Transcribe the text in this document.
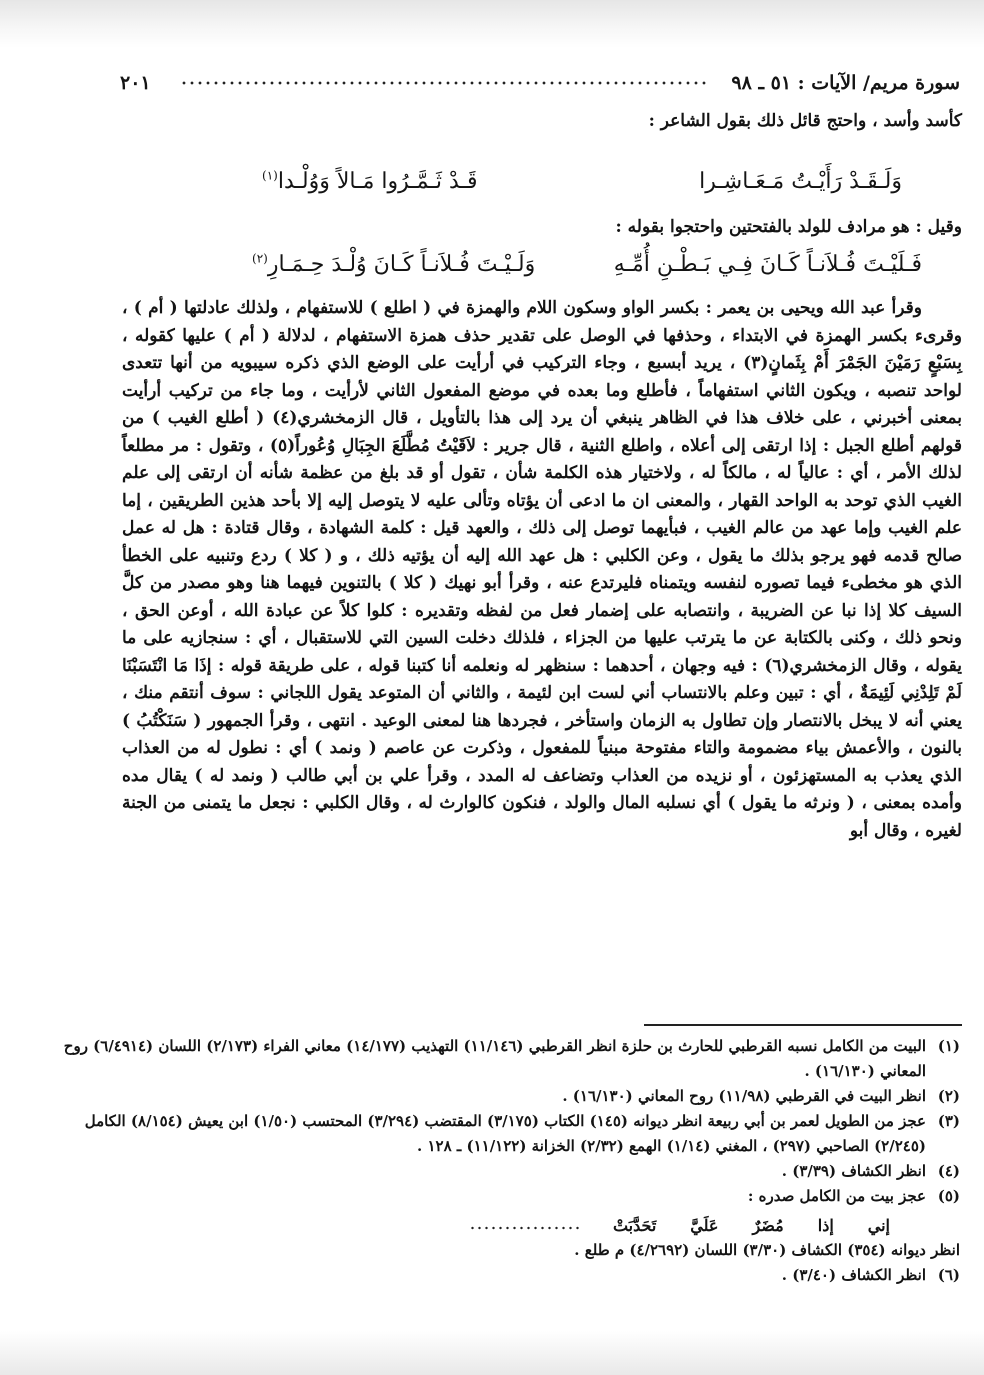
سورة مريم/ الآيات : ٥١ ـ ٩٨
٢٠١

كأسد وأسد ، واحتج قائل ذلك بقول الشاعر :

وَلَـقَـدْ رَأَيْـتُ مَـعَـاشِـرا
قَـدْ ثَـمَّـرُوا مَـالاً وَوُلْـدا$^{(١)}$

وقيل : هو مرادف للولد بالفتحتين واحتجوا بقوله :

فَـلَيْـتَ فُـلاَنـاً كَـانَ فِـي بَـطْـنِ أُمِّـهِ
وَلَـيْـتَ فُـلاَنـاً كَـانَ وُلْـدَ حِـمَـارِ$^{(٢)}$

وقرأ عبد الله ويحيى بن يعمر : بكسر الواو وسكون اللام والهمزة في ( اطلع ) للاستفهام ، ولذلك عادلتها ( أم ) ، وقرىء بكسر الهمزة في الابتداء ، وحذفها في الوصل على تقدير حذف همزة الاستفهام ، لدلالة ( أم ) عليها كقوله ، بِسَبْعٍ رَمَيْنَ الجَمْرَ أَمْ بِثَمانٍ(٣) ، يريد أبسبع ، وجاء التركيب في أرأيت على الوضع الذي ذكره سيبويه من أنها تتعدى لواحد تنصبه ، ويكون الثاني استفهاماً ، فأطلع وما بعده في موضع المفعول الثاني لأرأيت ، وما جاء من تركيب أرأيت بمعنى أخبرني ، على خلاف هذا في الظاهر ينبغي أن يرد إلى هذا بالتأويل ، قال الزمخشري(٤) ( أطلع الغيب ) من قولهم أطلع الجبل : إذا ارتقى إلى أعلاه ، واطلع الثنية ، قال جرير : لاَقَيْتُ مُطَّلَعَ الجِبَالِ وُعُوراً(٥) ، وتقول : مر مطلعاً لذلك الأمر ، أي : عالياً له ، مالكاً له ، ولاختيار هذه الكلمة شأن ، تقول أو قد بلغ من عظمة شأنه أن ارتقى إلى علم الغيب الذي توحد به الواحد القهار ، والمعنى ان ما ادعى أن يؤتاه وتألى عليه لا يتوصل إليه إلا بأحد هذين الطريقين ، إما علم الغيب وإما عهد من عالم الغيب ، فبأيهما توصل إلى ذلك ، والعهد قيل : كلمة الشهادة ، وقال قتادة : هل له عمل صالح قدمه فهو يرجو بذلك ما يقول ، وعن الكلبي : هل عهد الله إليه أن يؤتيه ذلك ، و ( كلا ) ردع وتنبيه على الخطأ الذي هو مخطىء فيما تصوره لنفسه ويتمناه فليرتدع عنه ، وقرأ أبو نهيك ( كلا ) بالتنوين فيهما هنا وهو مصدر من كلَّ السيف كلا إذا نبا عن الضريبة ، وانتصابه على إضمار فعل من لفظه وتقديره : كلوا كلاً عن عبادة الله ، أوعن الحق ، ونحو ذلك ، وكنى بالكتابة عن ما يترتب عليها من الجزاء ، فلذلك دخلت السين التي للاستقبال ، أي : سنجازيه على ما يقوله ، وقال الزمخشري(٦) : فيه وجهان ، أحدهما : سنظهر له ونعلمه أنا كتبنا قوله ، على طريقة قوله : إذَا مَا انْتَسَبْنَا لَمْ تَلِدْنِي لَئِيمَةٌ ، أي : تبين وعلم بالانتساب أني لست ابن لئيمة ، والثاني أن المتوعد يقول اللجاني : سوف أنتقم منك ، يعني أنه لا يبخل بالانتصار وإن تطاول به الزمان واستأخر ، فجردها هنا لمعنى الوعيد . انتهى ، وقرأ الجمهور ( سَنَكْتُبُ ) بالنون ، والأعمش بياء مضمومة والتاء مفتوحة مبنياً للمفعول ، وذكرت عن عاصم ( ونمد ) أي : نطول له من العذاب الذي يعذب به المستهزئون ، أو نزيده من العذاب وتضاعف له المدد ، وقرأ علي بن أبي طالب ( ونمد له ) يقال مده وأمده بمعنى ، ( ونرثه ما يقول ) أي نسلبه المال والولد ، فنكون كالوارث له ، وقال الكلبي : نجعل ما يتمنى من الجنة لغيره ، وقال أبو

(١)
البيت من الكامل نسبه القرطبي للحارث بن حلزة انظر القرطبي (١١/١٤٦) التهذيب (١٤/١٧٧) معاني الفراء (٢/١٧٣) اللسان (٦/٤٩١٤) روح المعاني (١٦/١٣٠) .
(٢)
انظر البيت في القرطبي (١١/٩٨) روح المعاني (١٦/١٣٠) .
(٣)
عجز من الطويل لعمر بن أبي ربيعة انظر ديوانه (١٤٥) الكتاب (٣/١٧٥) المقتضب (٣/٢٩٤) المحتسب (١/٥٠) ابن يعيش (٨/١٥٤) الكامل (٢/٢٤٥) الصاحبي (٢٩٧) ، المغني (١/١٤) الهمع (٢/٣٢) الخزانة (١١/١٢٢) ـ ١٢٨ .
(٤)
انظر الكشاف (٣/٣٩) .
(٥)
عجز بيت من الكامل صدره :
إني
إذا
مُضَرٌ
عَلَيَّ
تَحَدَّبَتْ
انظر ديوانه (٣٥٤) الكشاف (٣/٣٠) اللسان (٤/٢٦٩٢) م طلع .
(٦)
انظر الكشاف (٣/٤٠) .
